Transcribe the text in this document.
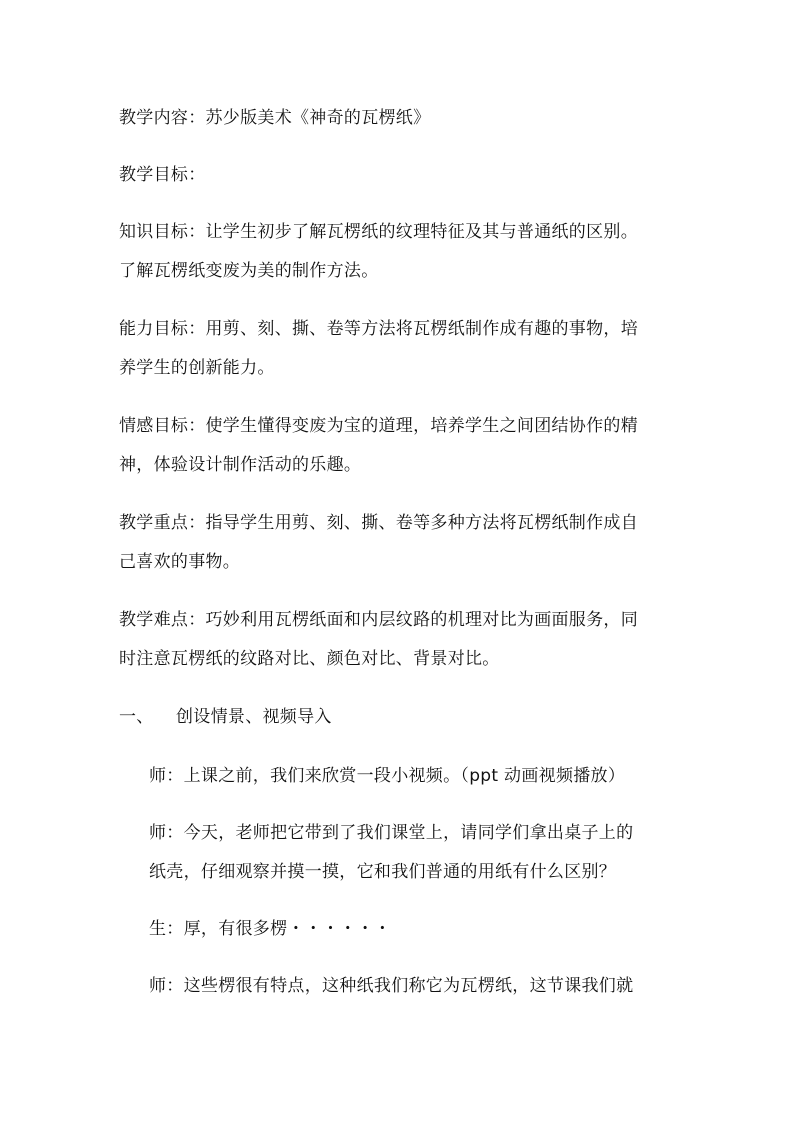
教学内容：苏少版美术《神奇的瓦楞纸》
教学目标：
知识目标：让学生初步了解瓦楞纸的纹理特征及其与普通纸的区别。
了解瓦楞纸变废为美的制作方法。
能力目标：用剪、刻、撕、卷等方法将瓦楞纸制作成有趣的事物，培
养学生的创新能力。
情感目标：使学生懂得变废为宝的道理，培养学生之间团结协作的精
神，体验设计制作活动的乐趣。
教学重点：指导学生用剪、刻、撕、卷等多种方法将瓦楞纸制作成自
己喜欢的事物。
教学难点：巧妙利用瓦楞纸面和内层纹路的机理对比为画面服务，同
时注意瓦楞纸的纹路对比、颜色对比、背景对比。
一、 创设情景、视频导入
师：上课之前，我们来欣赏一段小视频。（ppt 动画视频播放）
师：今天，老师把它带到了我们课堂上，请同学们拿出桌子上的
纸壳，仔细观察并摸一摸，它和我们普通的用纸有什么区别？
生：厚，有很多楞・・・・・・
师：这些楞很有特点，这种纸我们称它为瓦楞纸，这节课我们就
